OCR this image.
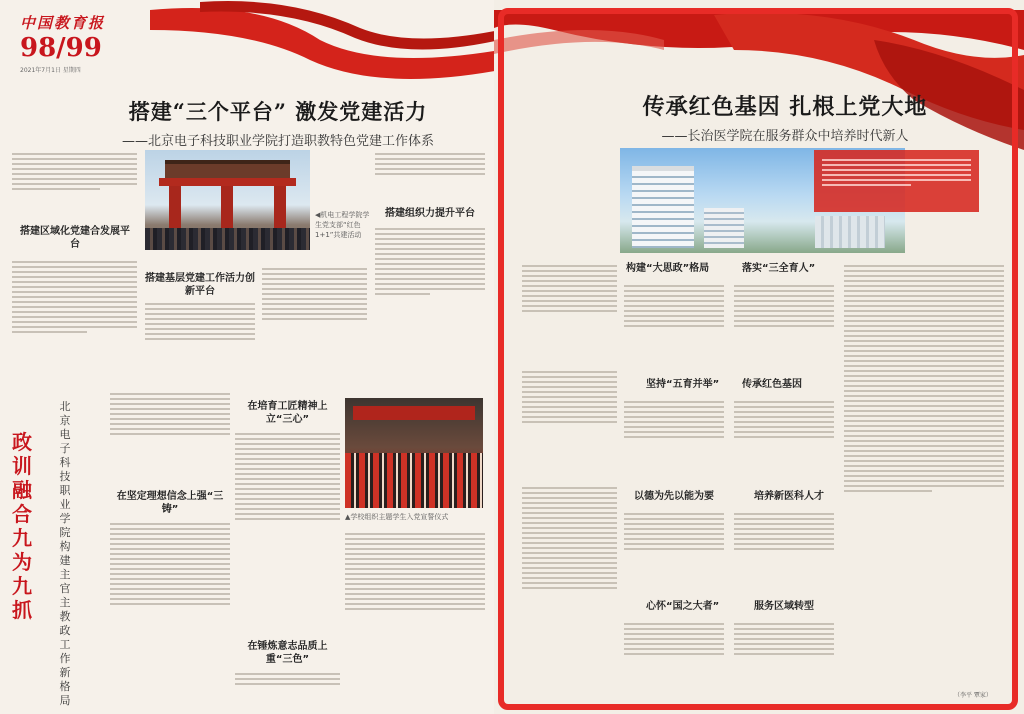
中国教育报
98/99
2021年7月1日 星期四
搭建“三个平台” 激发党建活力
——北京电子科技职业学院打造职教特色党建工作体系
搭建区域化党建合发展平台
◀机电工程学院学生党支部“红色1+1”共建活动
搭建基层党建工作活力创新平台
搭建组织力提升平台
在坚定理想信念上强“三铸”
在培育工匠精神上立“三心”
在锤炼意志品质上重“三色”
▲学校组织主题学生入党宣誓仪式
政训融合 九为九抓
北京电子科技职业学院构建主官主教政工作新格局
传承红色基因 扎根上党大地
——长治医学院在服务群众中培养时代新人
构建“大思政”格局	落实“三全育人”
坚持“五育并举” 传承红色基因
以德为先以能为要	培养新医科人才
心怀“国之大者”	服务区域转型
（李平 覃家）
